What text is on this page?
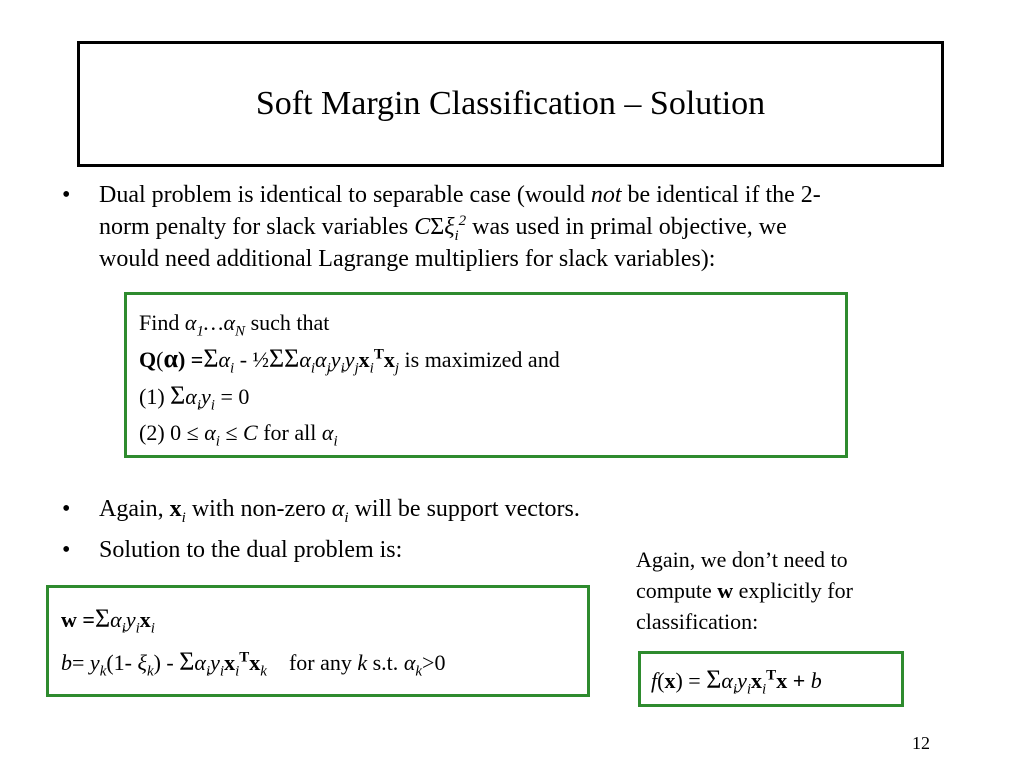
Soft Margin Classification – Solution
• Dual problem is identical to separable case (would not be identical if the 2-
norm penalty for slack variables CΣξ$_i^2$ was used in primal objective, we
would need additional Lagrange multipliers for slack variables):
Find $\alpha_1\dots\alpha_N$ such that
$Q(\alpha) =\Sigma\alpha_i$ - $\frac{1}{2}\Sigma\Sigma\alpha_i\alpha_jy_iy_jx_i^Tx_j$ is maximized and
(1) $\Sigma\alpha_iy_i = 0$
(2) $0 \le \alpha_i \le C$ for all $\alpha_i$
• Again, $x_i$ with non-zero $\alpha_i$ will be support vectors.
• Solution to the dual problem is:
$w =\Sigma\alpha_iy_ix_i$
$b= y_k(1-$ $\xi_k) - \Sigma\alpha_iy_ix_i^Tx_k$    for any k s.t. $\alpha_k>0$
Again, we don’t need to
compute w explicitly for
classification:
$f(x) = \Sigma\alpha_iy_ix_i^Tx + b$
12
